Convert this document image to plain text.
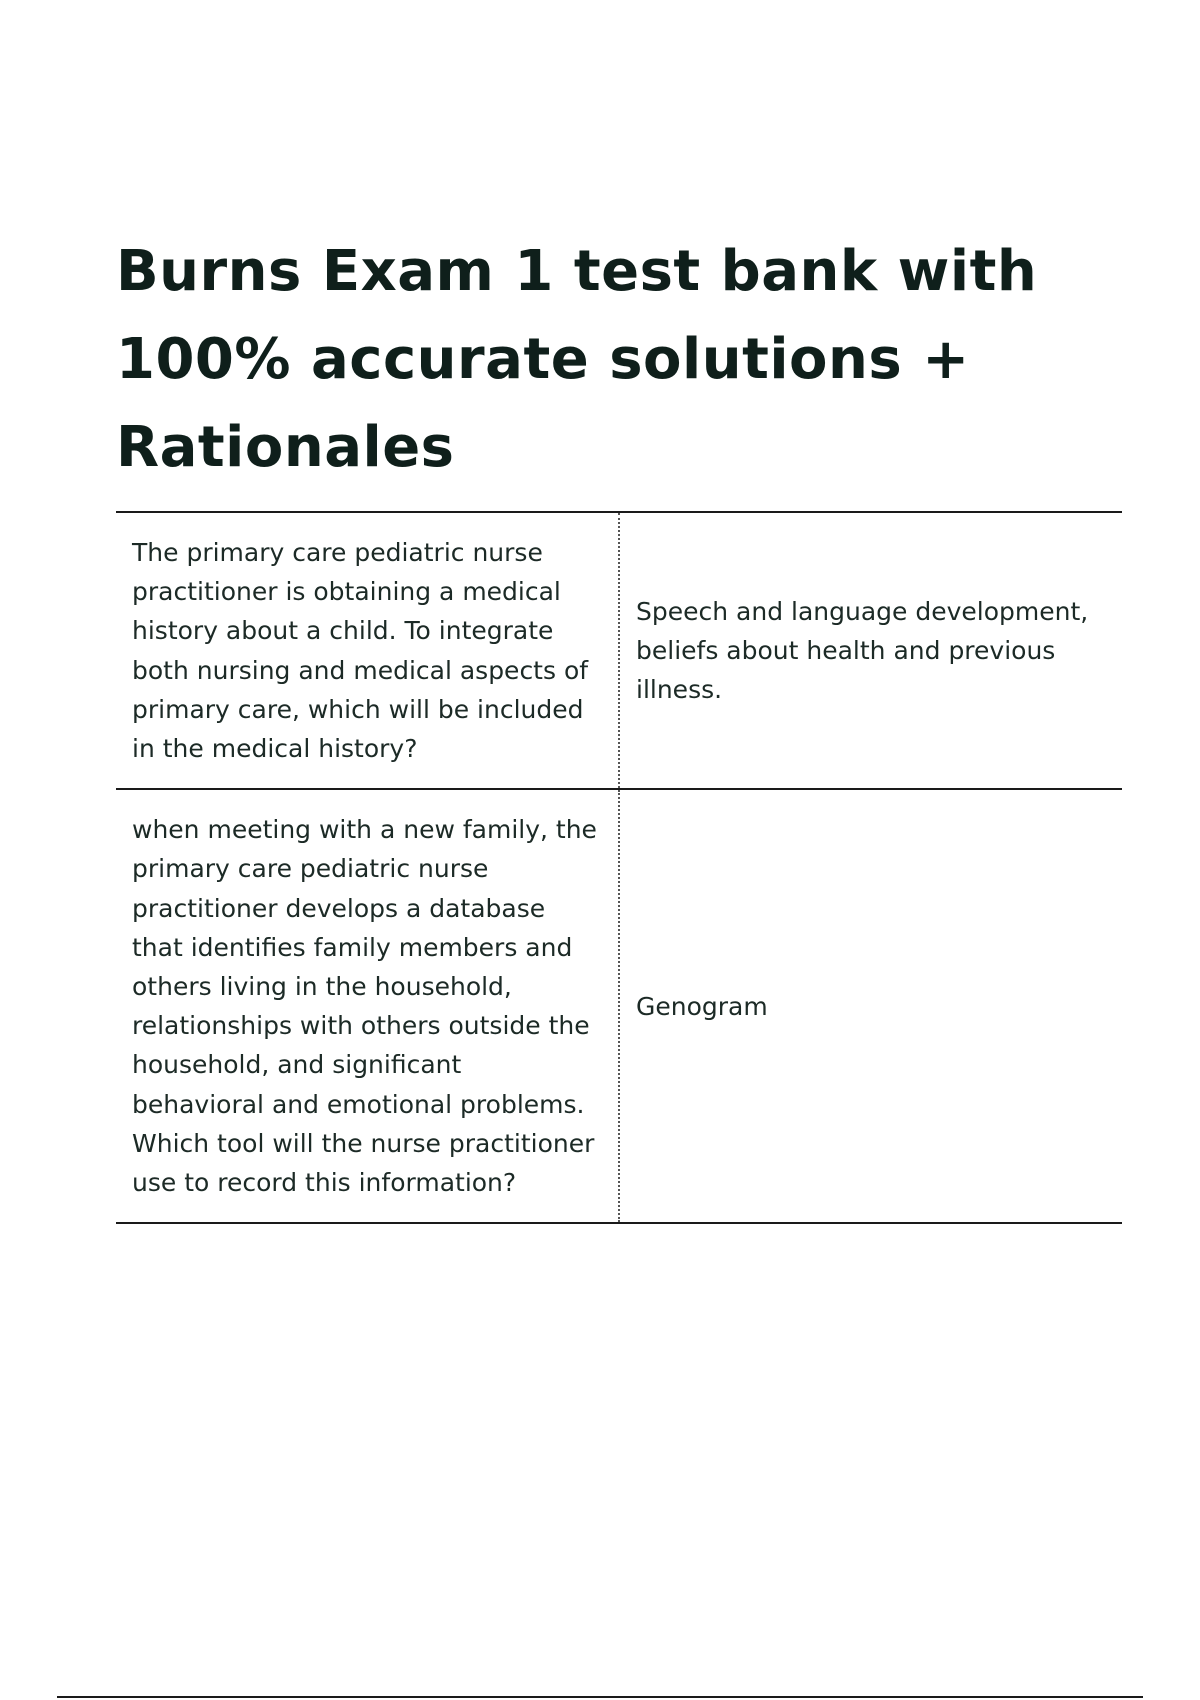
Burns Exam 1 test bank with 100% accurate solutions + Rationales
The primary care pediatric nurse practitioner is obtaining a medical history about a child. To integrate both nursing and medical aspects of primary care, which will be included in the medical history?	Speech and language development, beliefs about health and previous illness.
when meeting with a new family, the primary care pediatric nurse practitioner develops a database that identifies family members and others living in the household, relationships with others outside the household, and significant behavioral and emotional problems. Which tool will the nurse practitioner use to record this information?	Genogram
